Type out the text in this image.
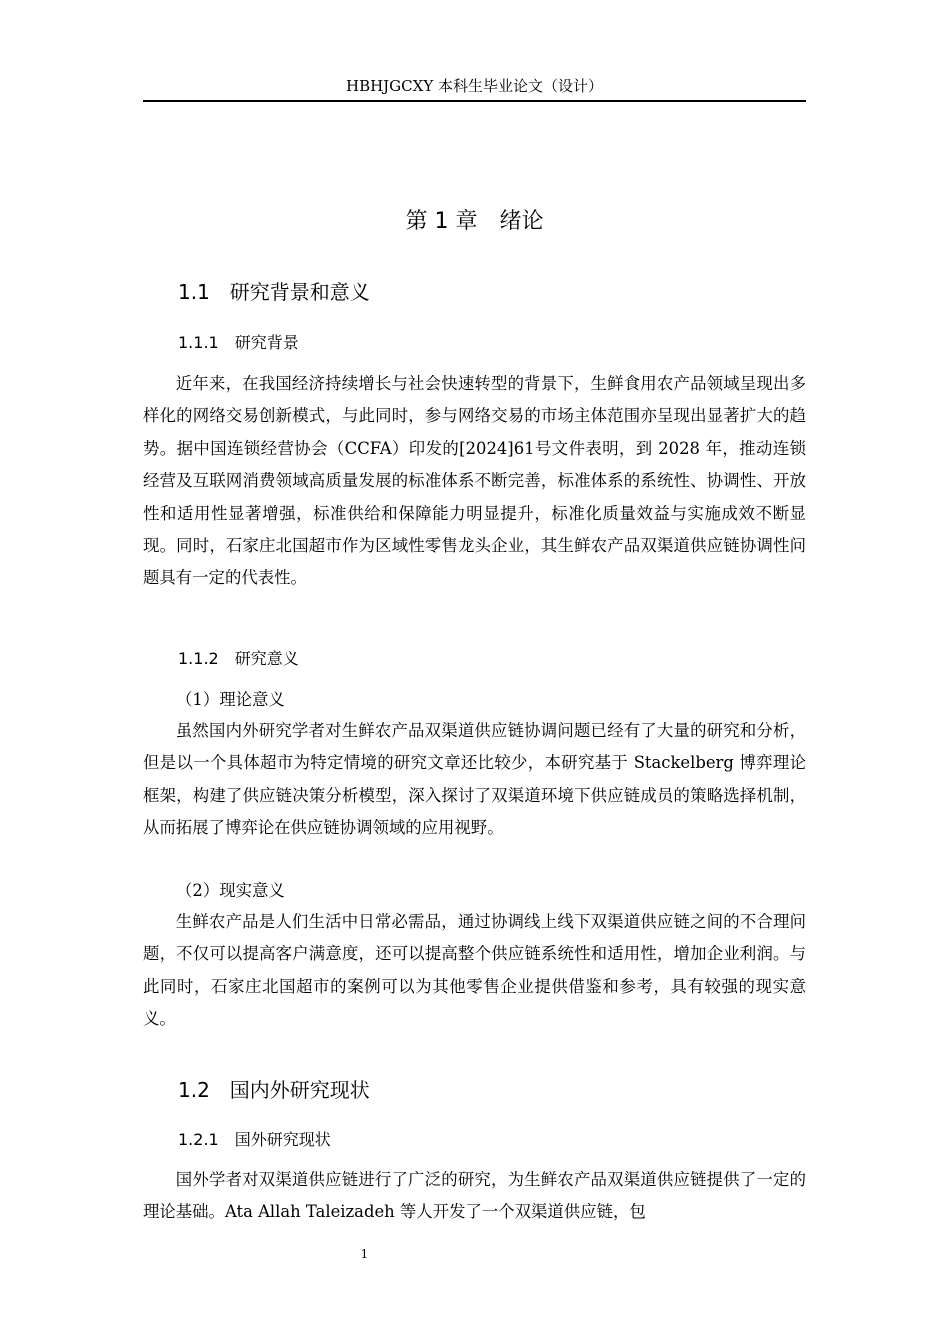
HBHJGCXY 本科生毕业论文（设计）
第 1 章　绪论
1.1　研究背景和意义
1.1.1　研究背景

近年来，在我国经济持续增长与社会快速转型的背景下，生鲜食用农产品领域呈现出多样化的网络交易创新模式，与此同时，参与网络交易的市场主体范围亦呈现出显著扩大的趋势。据中国连锁经营协会（CCFA）印发的[2024]61号文件表明，到 2028 年，推动连锁经营及互联网消费领域高质量发展的标准体系不断完善，标准体系的系统性、协调性、开放性和适用性显著增强，标准供给和保障能力明显提升，标准化质量效益与实施成效不断显现。同时，石家庄北国超市作为区域性零售龙头企业，其生鲜农产品双渠道供应链协调性问题具有一定的代表性。

1.1.2　研究意义
（1）理论意义

虽然国内外研究学者对生鲜农产品双渠道供应链协调问题已经有了大量的研究和分析，但是以一个具体超市为特定情境的研究文章还比较少，本研究基于 Stackelberg 博弈理论框架，构建了供应链决策分析模型，深入探讨了双渠道环境下供应链成员的策略选择机制，从而拓展了博弈论在供应链协调领域的应用视野。

（2）现实意义

生鲜农产品是人们生活中日常必需品，通过协调线上线下双渠道供应链之间的不合理问题，不仅可以提高客户满意度，还可以提高整个供应链系统性和适用性，增加企业利润。与此同时，石家庄北国超市的案例可以为其他零售企业提供借鉴和参考，具有较强的现实意义。

1.2　国内外研究现状
1.2.1　国外研究现状

国外学者对双渠道供应链进行了广泛的研究，为生鲜农产品双渠道供应链提供了一定的理论基础。Ata Allah Taleizadeh 等人开发了一个双渠道供应链，包

1
